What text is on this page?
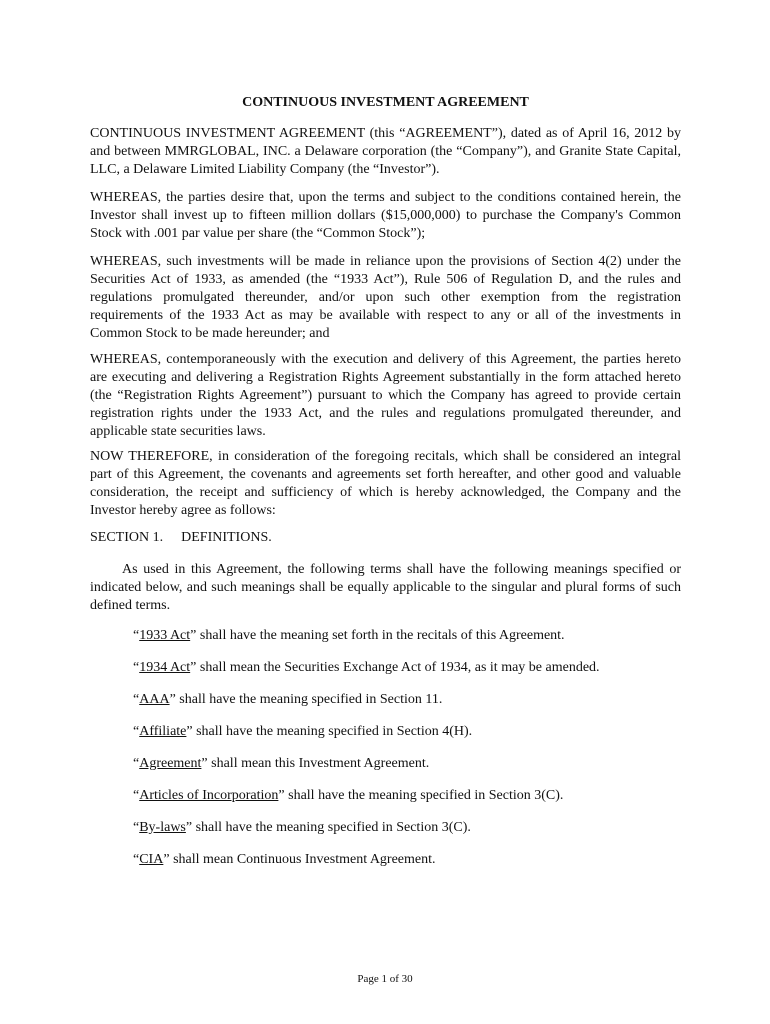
CONTINUOUS INVESTMENT AGREEMENT

CONTINUOUS INVESTMENT AGREEMENT (this “AGREEMENT”), dated as of April 16, 2012 by and between MMRGLOBAL, INC. a Delaware corporation (the “Company”), and Granite State Capital, LLC, a Delaware Limited Liability Company (the “Investor”).

WHEREAS, the parties desire that, upon the terms and subject to the conditions contained herein, the Investor shall invest up to fifteen million dollars ($15,000,000) to purchase the Company's Common Stock with .001 par value per share (the “Common Stock”);

WHEREAS, such investments will be made in reliance upon the provisions of Section 4(2) under the Securities Act of 1933, as amended (the “1933 Act”), Rule 506 of Regulation D, and the rules and regulations promulgated thereunder, and/or upon such other exemption from the registration requirements of the 1933 Act as may be available with respect to any or all of the investments in Common Stock to be made hereunder; and

WHEREAS, contemporaneously with the execution and delivery of this Agreement, the parties hereto are executing and delivering a Registration Rights Agreement substantially in the form attached hereto (the “Registration Rights Agreement”) pursuant to which the Company has agreed to provide certain registration rights under the 1933 Act, and the rules and regulations promulgated thereunder, and applicable state securities laws.

NOW THEREFORE, in consideration of the foregoing recitals, which shall be considered an integral part of this Agreement, the covenants and agreements set forth hereafter, and other good and valuable consideration, the receipt and sufficiency of which is hereby acknowledged, the Company and the Investor hereby agree as follows:

SECTION 1. DEFINITIONS.

As used in this Agreement, the following terms shall have the following meanings specified or indicated below, and such meanings shall be equally applicable to the singular and plural forms of such defined terms.

“1933 Act” shall have the meaning set forth in the recitals of this Agreement.

“1934 Act” shall mean the Securities Exchange Act of 1934, as it may be amended.

“AAA” shall have the meaning specified in Section 11.

“Affiliate” shall have the meaning specified in Section 4(H).

“Agreement” shall mean this Investment Agreement.

“Articles of Incorporation” shall have the meaning specified in Section 3(C).

“By-laws” shall have the meaning specified in Section 3(C).

“CIA” shall mean Continuous Investment Agreement.

Page 1 of 30
